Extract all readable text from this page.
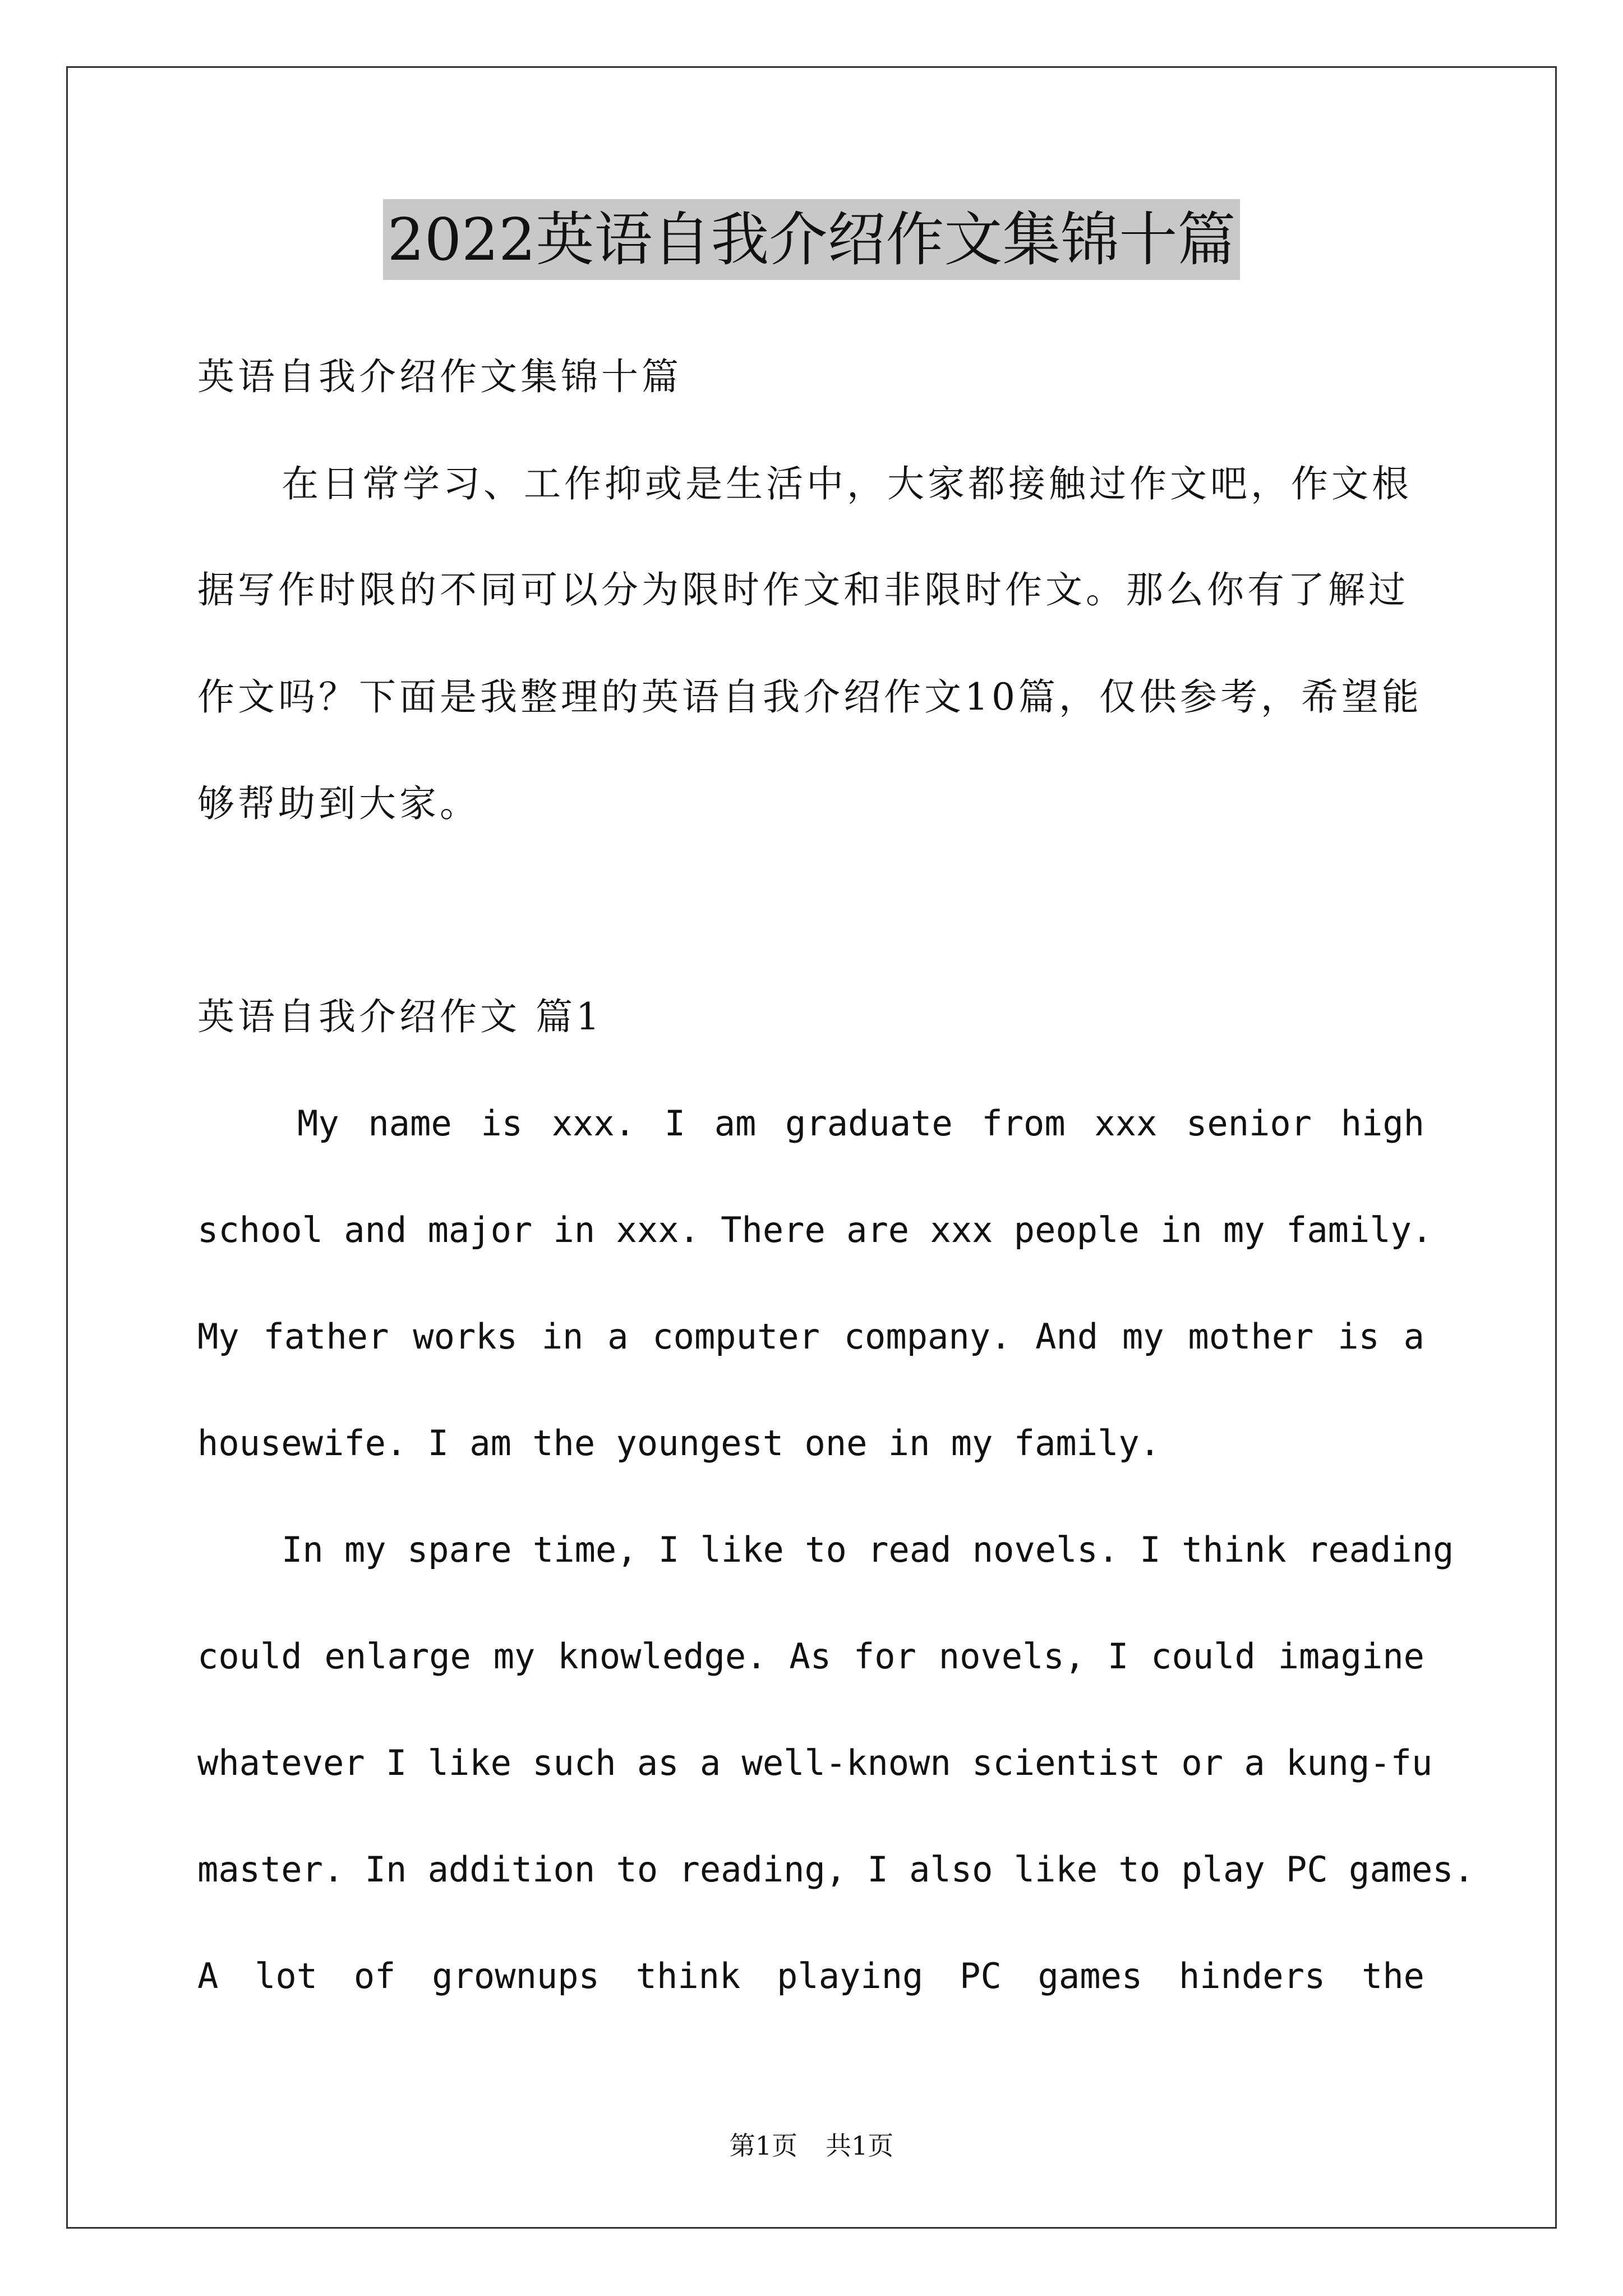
2022英语自我介绍作文集锦十篇
英语自我介绍作文集锦十篇
在日常学习、工作抑或是生活中，大家都接触过作文吧，作文根
据写作时限的不同可以分为限时作文和非限时作文。那么你有了解过
作文吗？下面是我整理的英语自我介绍作文10篇，仅供参考，希望能
够帮助到大家。
英语自我介绍作文 篇1
My name is xxx. I am graduate from xxx senior high
school and major in xxx. There are xxx people in my family.
My father works in a computer company. And my mother is a
housewife. I am the youngest one in my family.
In my spare time, I like to read novels. I think reading
could enlarge my knowledge. As for novels, I could imagine
whatever I like such as a well-known scientist or a kung-fu
master. In addition to reading, I also like to play PC games.
A lot of grownups think playing PC games hinders the
第1页 共1页
